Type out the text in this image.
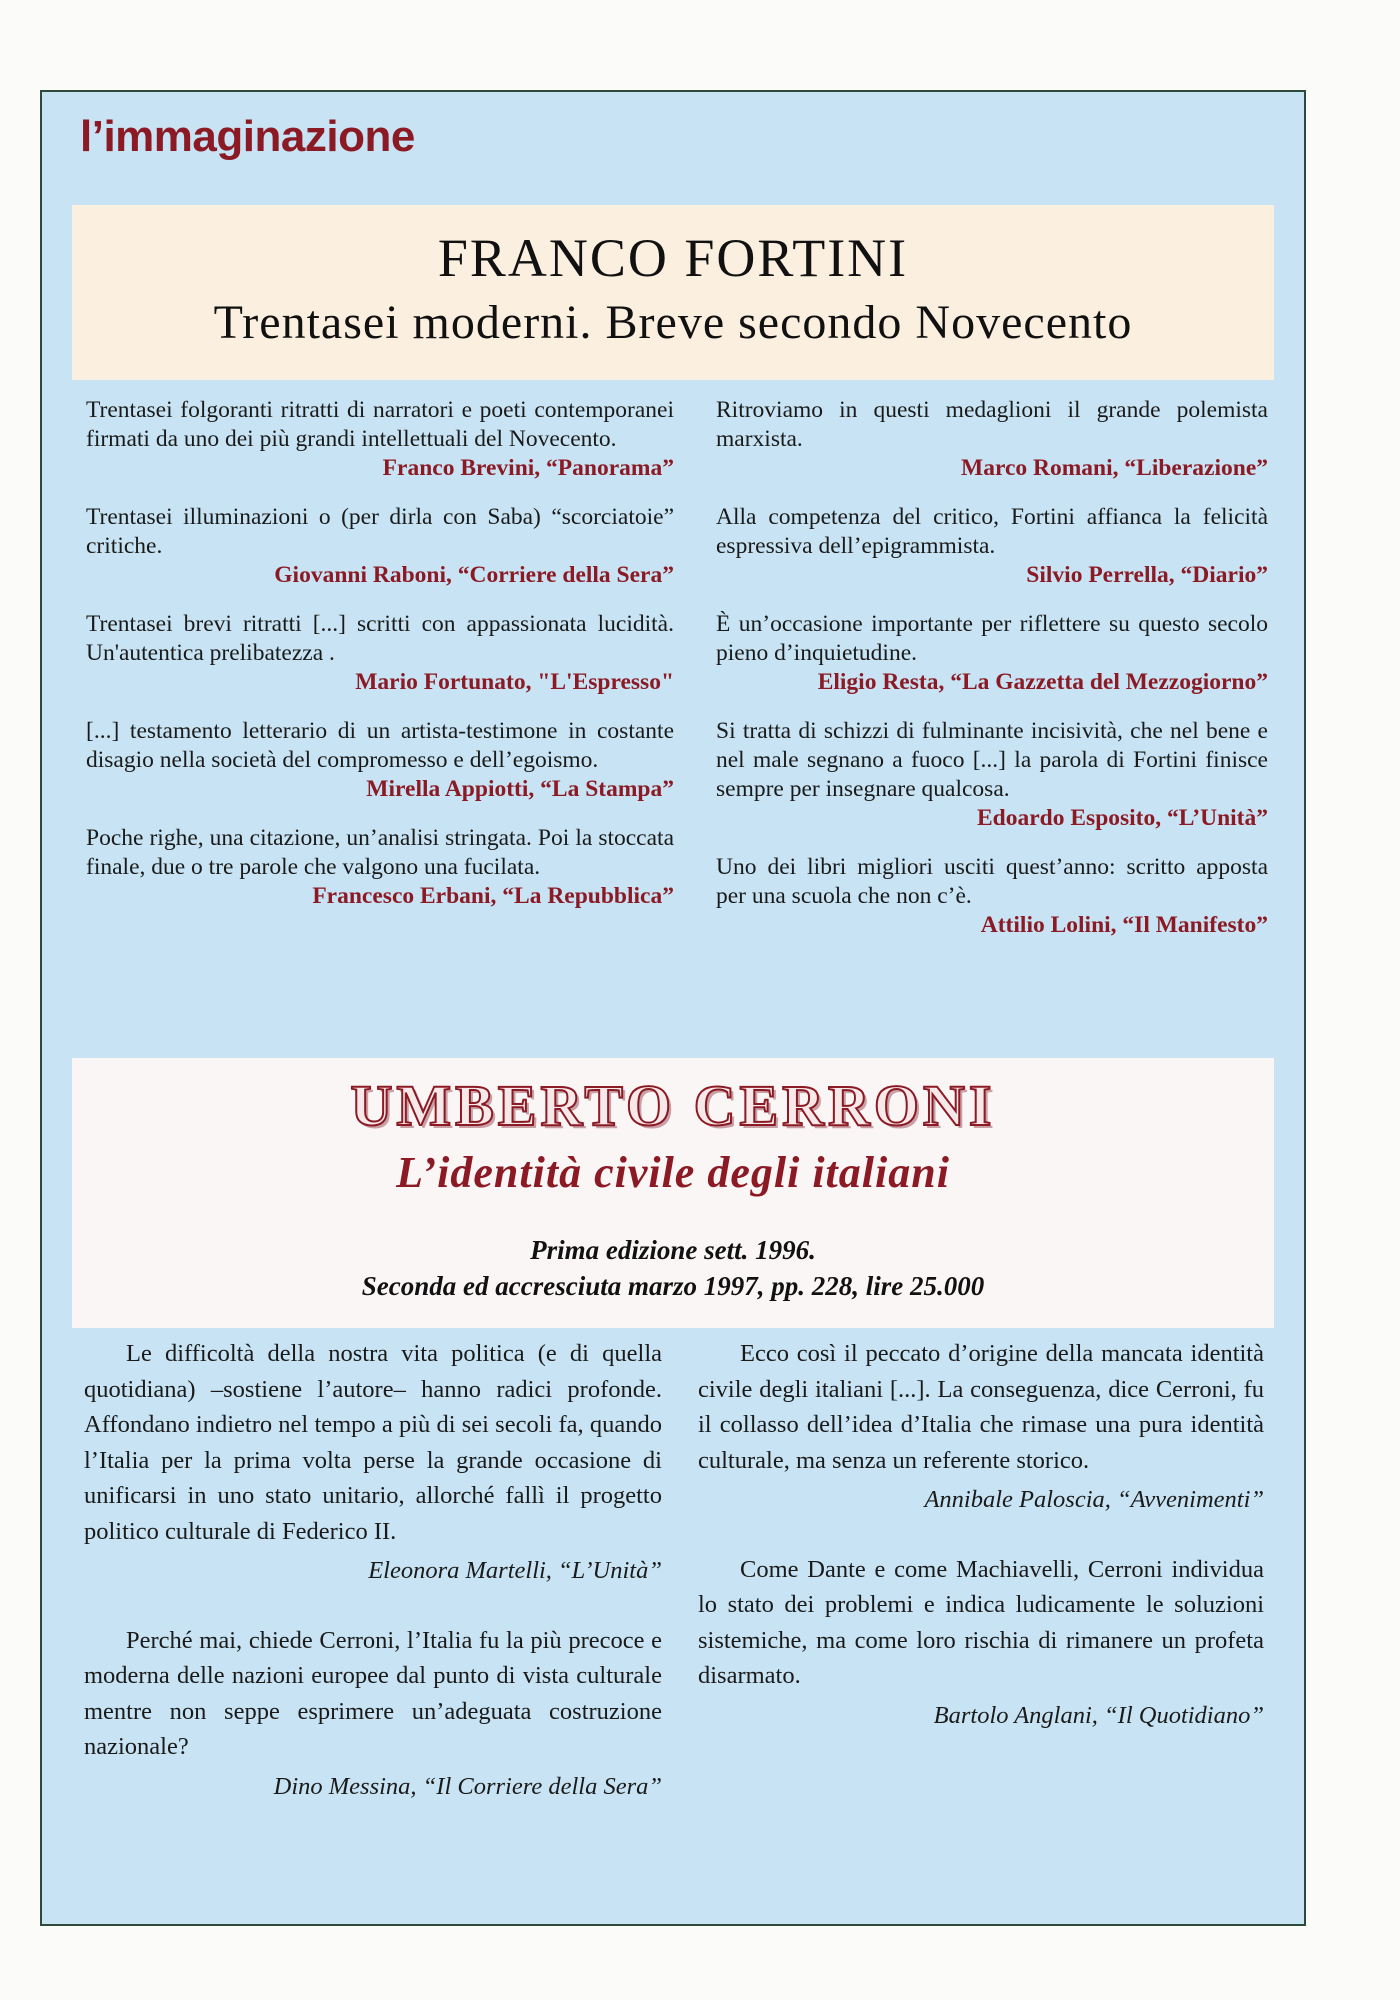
l’immaginazione
FRANCO FORTINI
Trentasei moderni. Breve secondo Novecento

Trentasei folgoranti ritratti di narratori e poeti contemporanei firmati da uno dei più grandi intellettuali del Novecento.

Franco Brevini, “Panorama”

Trentasei illuminazioni o (per dirla con Saba) “scorciatoie” critiche.

Giovanni Raboni, “Corriere della Sera”

Trentasei brevi ritratti [...] scritti con appassionata lucidità. Un'autentica prelibatezza .

Mario Fortunato, "L'Espresso"

[...] testamento letterario di un artista-testimone in costante disagio nella società del compromesso e dell’egoismo.

Mirella Appiotti, “La Stampa”

Poche righe, una citazione, un’analisi stringata. Poi la stoccata finale, due o tre parole che valgono una fucilata.

Francesco Erbani, “La Repubblica”

Ritroviamo in questi medaglioni il grande polemista marxista.

Marco Romani, “Liberazione”

Alla competenza del critico, Fortini affianca la felicità espressiva dell’epigrammista.

Silvio Perrella, “Diario”

È un’occasione importante per riflettere su questo secolo pieno d’inquietudine.

Eligio Resta, “La Gazzetta del Mezzogiorno”

Si tratta di schizzi di fulminante incisività, che nel bene e nel male segnano a fuoco [...] la parola di Fortini finisce sempre per insegnare qualcosa.

Edoardo Esposito, “L’Unità”

Uno dei libri migliori usciti quest’anno: scritto apposta per una scuola che non c’è.

Attilio Lolini, “Il Manifesto”

UMBERTO CERRONI
L’identità civile degli italiani
Prima edizione sett. 1996.
Seconda ed accresciuta marzo 1997, pp. 228, lire 25.000

Le difficoltà della nostra vita politica (e di quella quotidiana) –sostiene l’autore– hanno radici profonde. Affondano indietro nel tempo a più di sei secoli fa, quando l’Italia per la prima volta perse la grande occasione di unificarsi in uno stato unitario, allorché fallì il progetto politico culturale di Federico II.

Eleonora Martelli, “L’Unità”

Perché mai, chiede Cerroni, l’Italia fu la più precoce e moderna delle nazioni europee dal punto di vista culturale mentre non seppe esprimere un’adeguata costruzione nazionale?

Dino Messina, “Il Corriere della Sera”

Ecco così il peccato d’origine della mancata identità civile degli italiani [...]. La conseguenza, dice Cerroni, fu il collasso dell’idea d’Italia che rimase una pura identità culturale, ma senza un referente storico.

Annibale Paloscia, “Avvenimenti”

Come Dante e come Machiavelli, Cerroni individua lo stato dei problemi e indica ludicamente le soluzioni sistemiche, ma come loro rischia di rimanere un profeta disarmato.

Bartolo Anglani, “Il Quotidiano”
